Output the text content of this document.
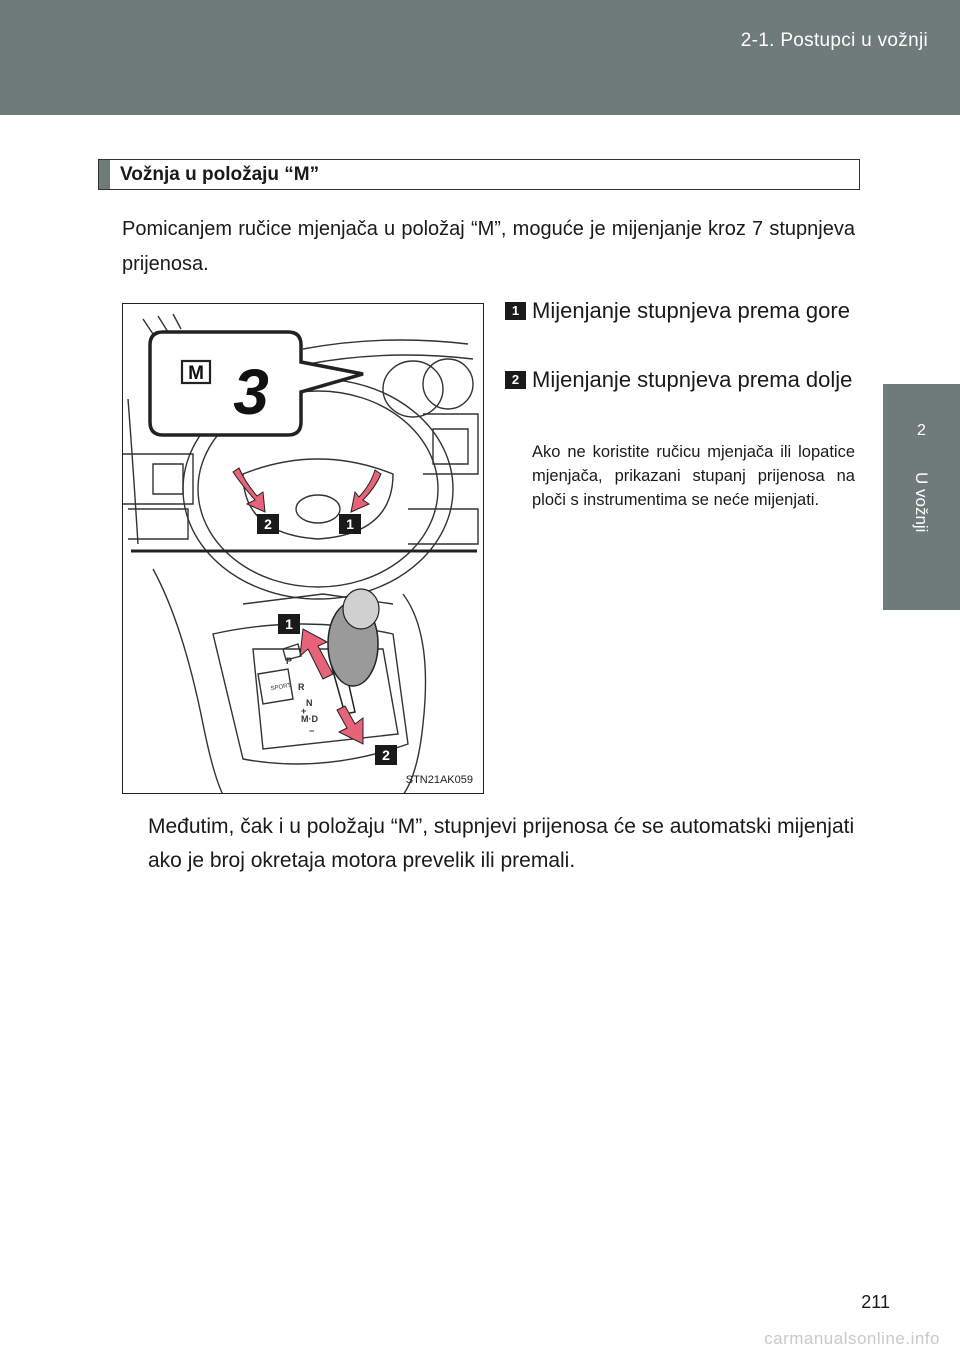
2-1. Postupci u vožnji
2
U vožnji
Vožnja u položaju “M”
Pomicanjem ručice mjenjača u položaj “M”, moguće je mijenjanje kroz 7 stupnjeva prijenosa.
M 3
2	1
SPORT
P
R
N
+
M·D
−
1
2
STN21AK059
1 Mijenjanje stupnjeva prema gore
2 Mijenjanje stupnjeva prema dolje
Ako ne koristite ručicu mjenjača ili lopatice mjenjača, prikazani stupanj prijenosa na ploči s instrumentima se neće mijenjati.
Međutim, čak i u položaju “M”, stupnjevi prijenosa će se automatski mijenjati ako je broj okretaja motora prevelik ili premali.
211
carmanualsonline.info
